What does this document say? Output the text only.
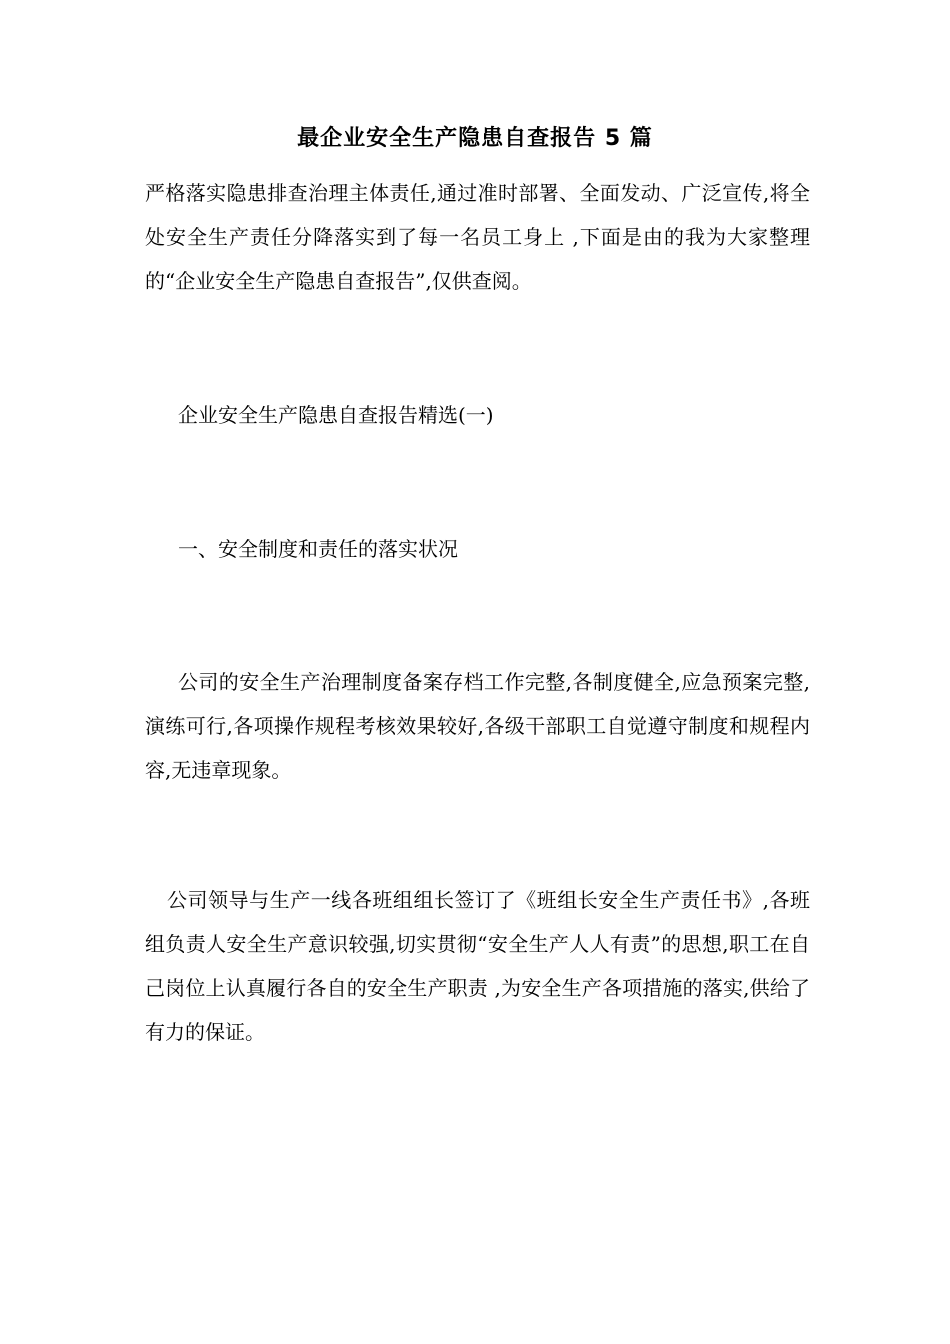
最企业安全生产隐患自查报告 5 篇

严格落实隐患排查治理主体责任,通过准时部署、全面发动、广泛宣传,将全处安全生产责任分降落实到了每一名员工身上 ,下面是由的我为大家整理的“企业安全生产隐患自查报告”,仅供查阅。

企业安全生产隐患自查报告精选(一)

一、安全制度和责任的落实状况

公司的安全生产治理制度备案存档工作完整,各制度健全,应急预案完整,演练可行,各项操作规程考核效果较好,各级干部职工自觉遵守制度和规程内容,无违章现象。

公司领导与生产一线各班组组长签订了《班组长安全生产责任书》,各班组负责人安全生产意识较强,切实贯彻“安全生产人人有责”的思想,职工在自己岗位上认真履行各自的安全生产职责 ,为安全生产各项措施的落实,供给了有力的保证。
